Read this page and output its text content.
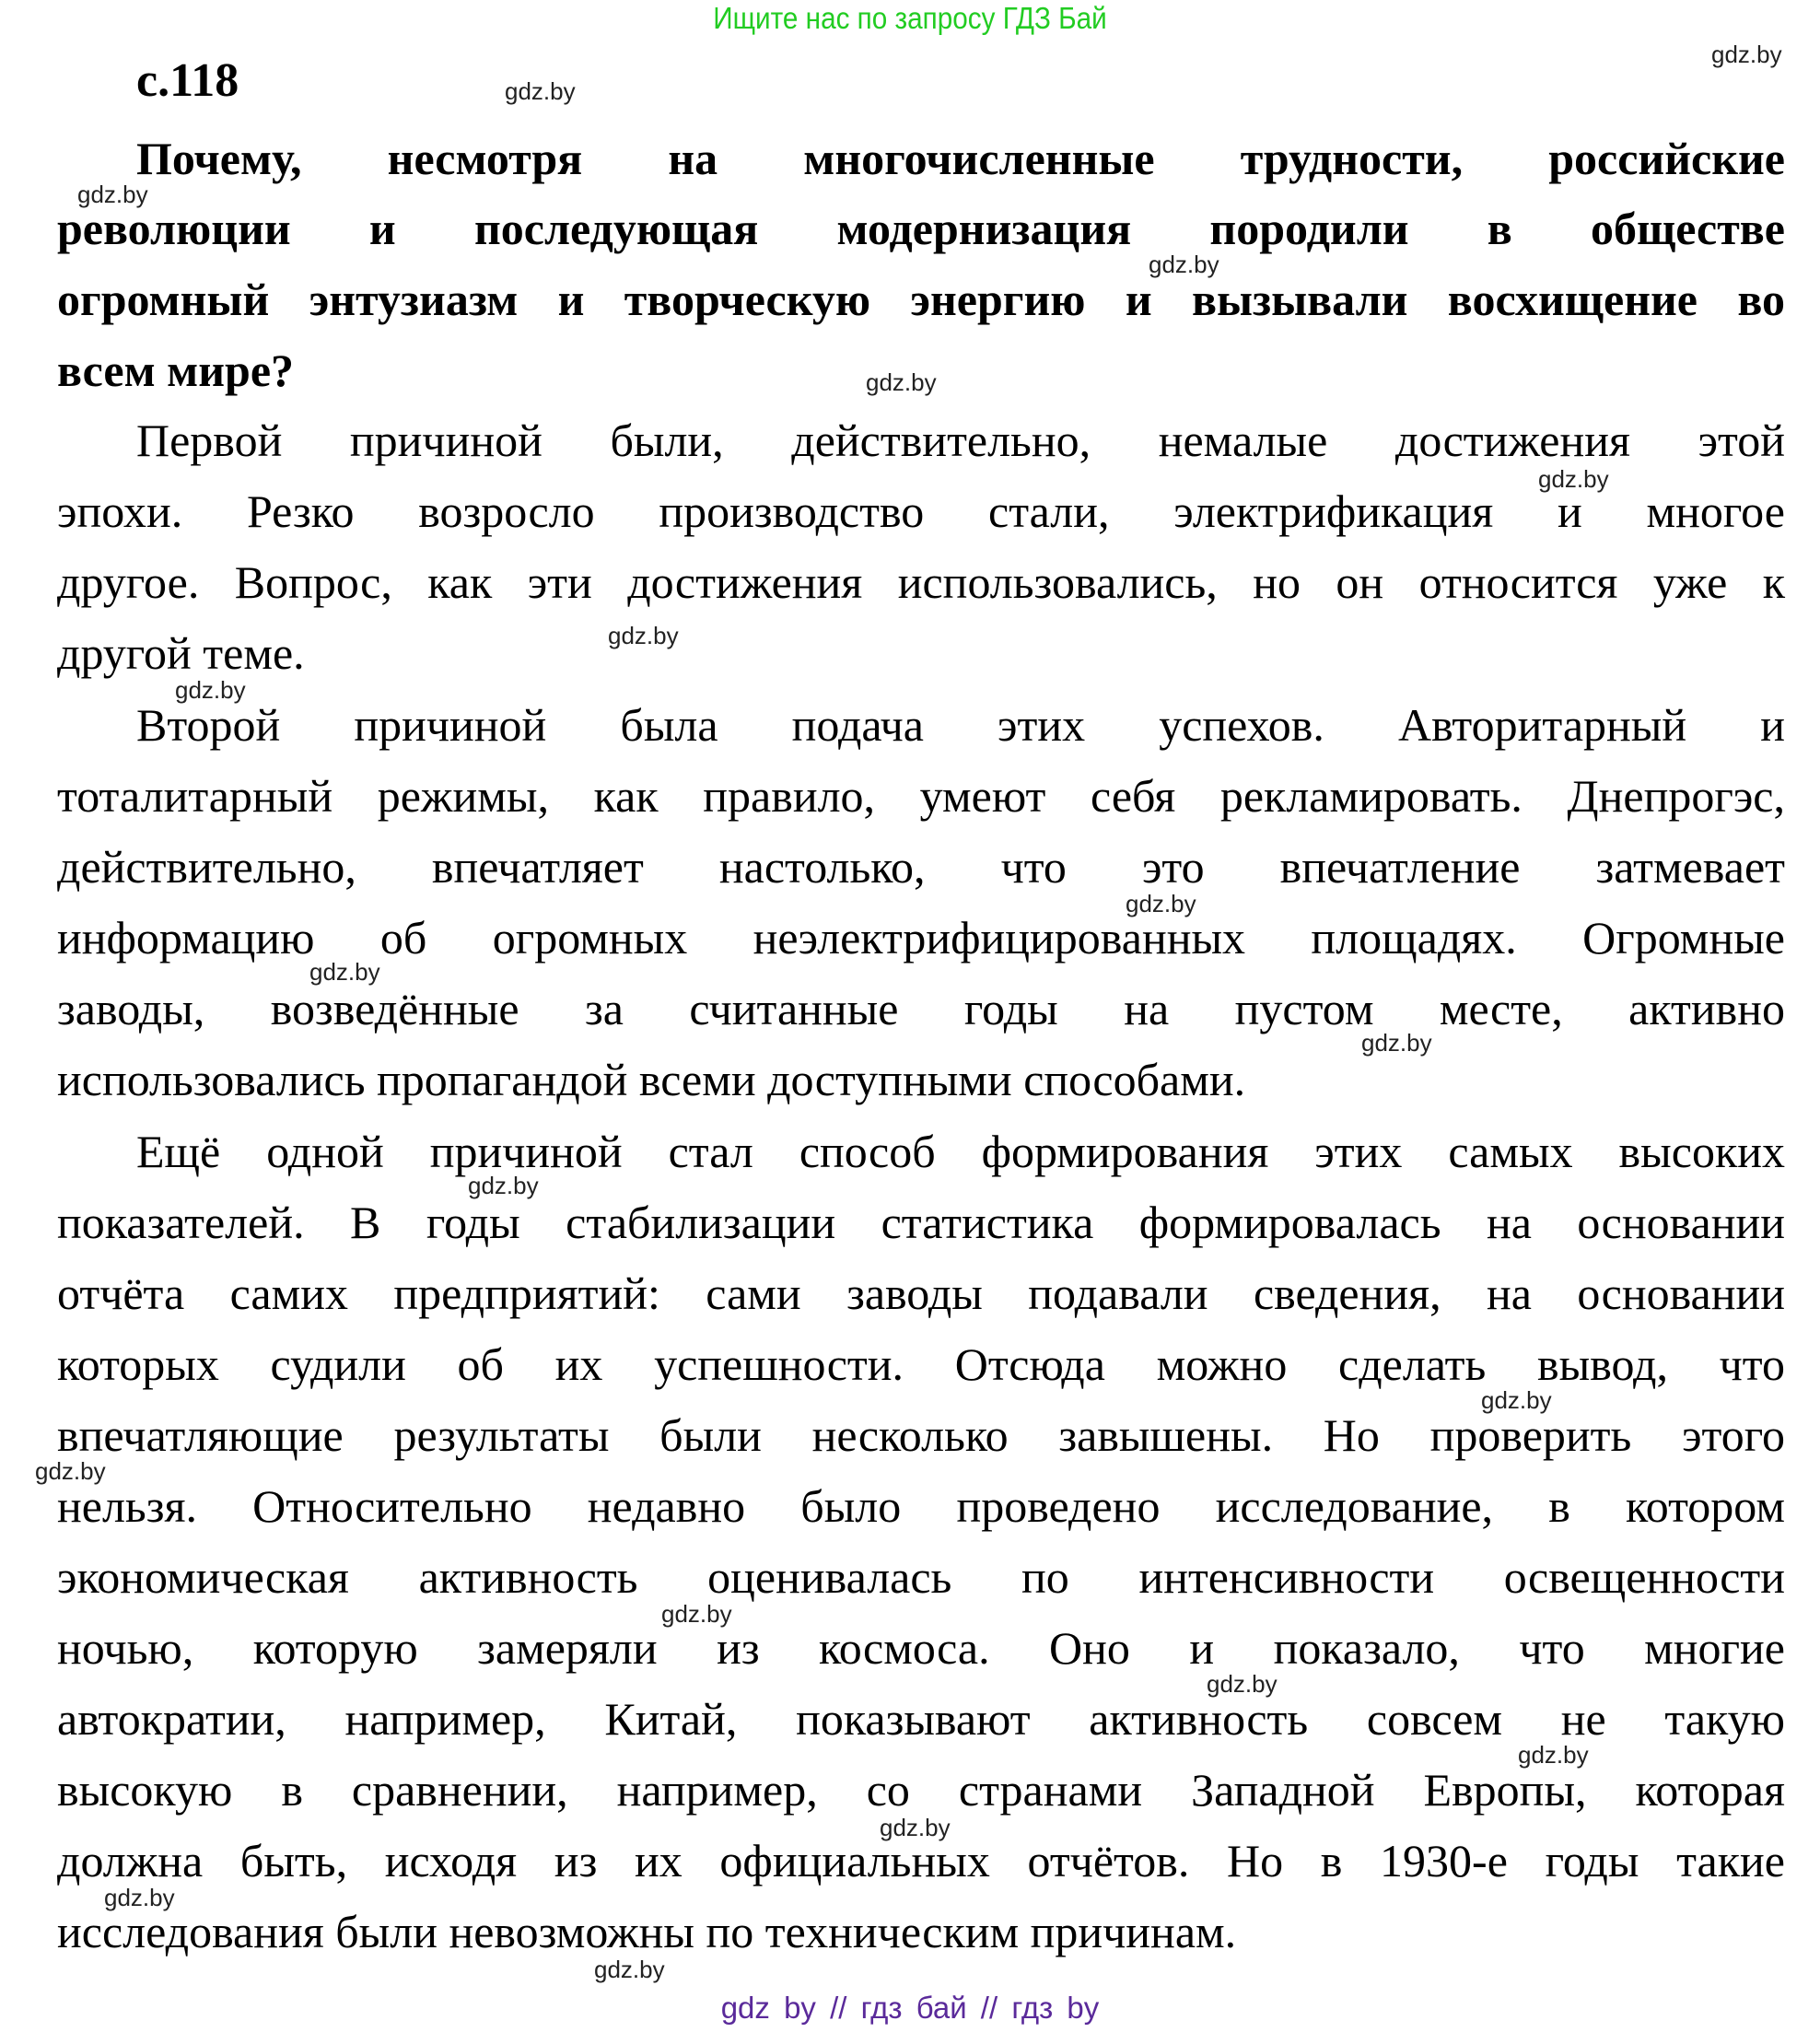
Ищите нас по запросу ГДЗ Бай
с.118
Почему, несмотря на многочисленные трудности, российские
революции и последующая модернизация породили в обществе
огромный энтузиазм и творческую энергию и вызывали восхищение во
всем мире?
Первой причиной были, действительно, немалые достижения этой
эпохи. Резко возросло производство стали, электрификация и многое
другое. Вопрос, как эти достижения использовались, но он относится уже к
другой теме.
Второй причиной была подача этих успехов. Авторитарный и
тоталитарный режимы, как правило, умеют себя рекламировать. Днепрогэс,
действительно, впечатляет настолько, что это впечатление затмевает
информацию об огромных неэлектрифицированных площадях. Огромные
заводы, возведённые за считанные годы на пустом месте, активно
использовались пропагандой всеми доступными способами.
Ещё одной причиной стал способ формирования этих самых высоких
показателей. В годы стабилизации статистика формировалась на основании
отчёта самих предприятий: сами заводы подавали сведения, на основании
которых судили об их успешности. Отсюда можно сделать вывод, что
впечатляющие результаты были несколько завышены. Но проверить этого
нельзя. Относительно недавно было проведено исследование, в котором
экономическая активность оценивалась по интенсивности освещенности
ночью, которую замеряли из космоса. Оно и показало, что многие
автократии, например, Китай, показывают активность совсем не такую
высокую в сравнении, например, со странами Западной Европы, которая
должна быть, исходя из их официальных отчётов. Но в 1930-е годы такие
исследования были невозможны по техническим причинам.
gdz.by
gdz.by
gdz.by
gdz.by
gdz.by
gdz.by
gdz.by
gdz.by
gdz.by
gdz.by
gdz.by
gdz.by
gdz.by
gdz.by
gdz.by
gdz.by
gdz.by
gdz.by
gdz.by
gdz.by
gdz by // гдз бай // гдз by
